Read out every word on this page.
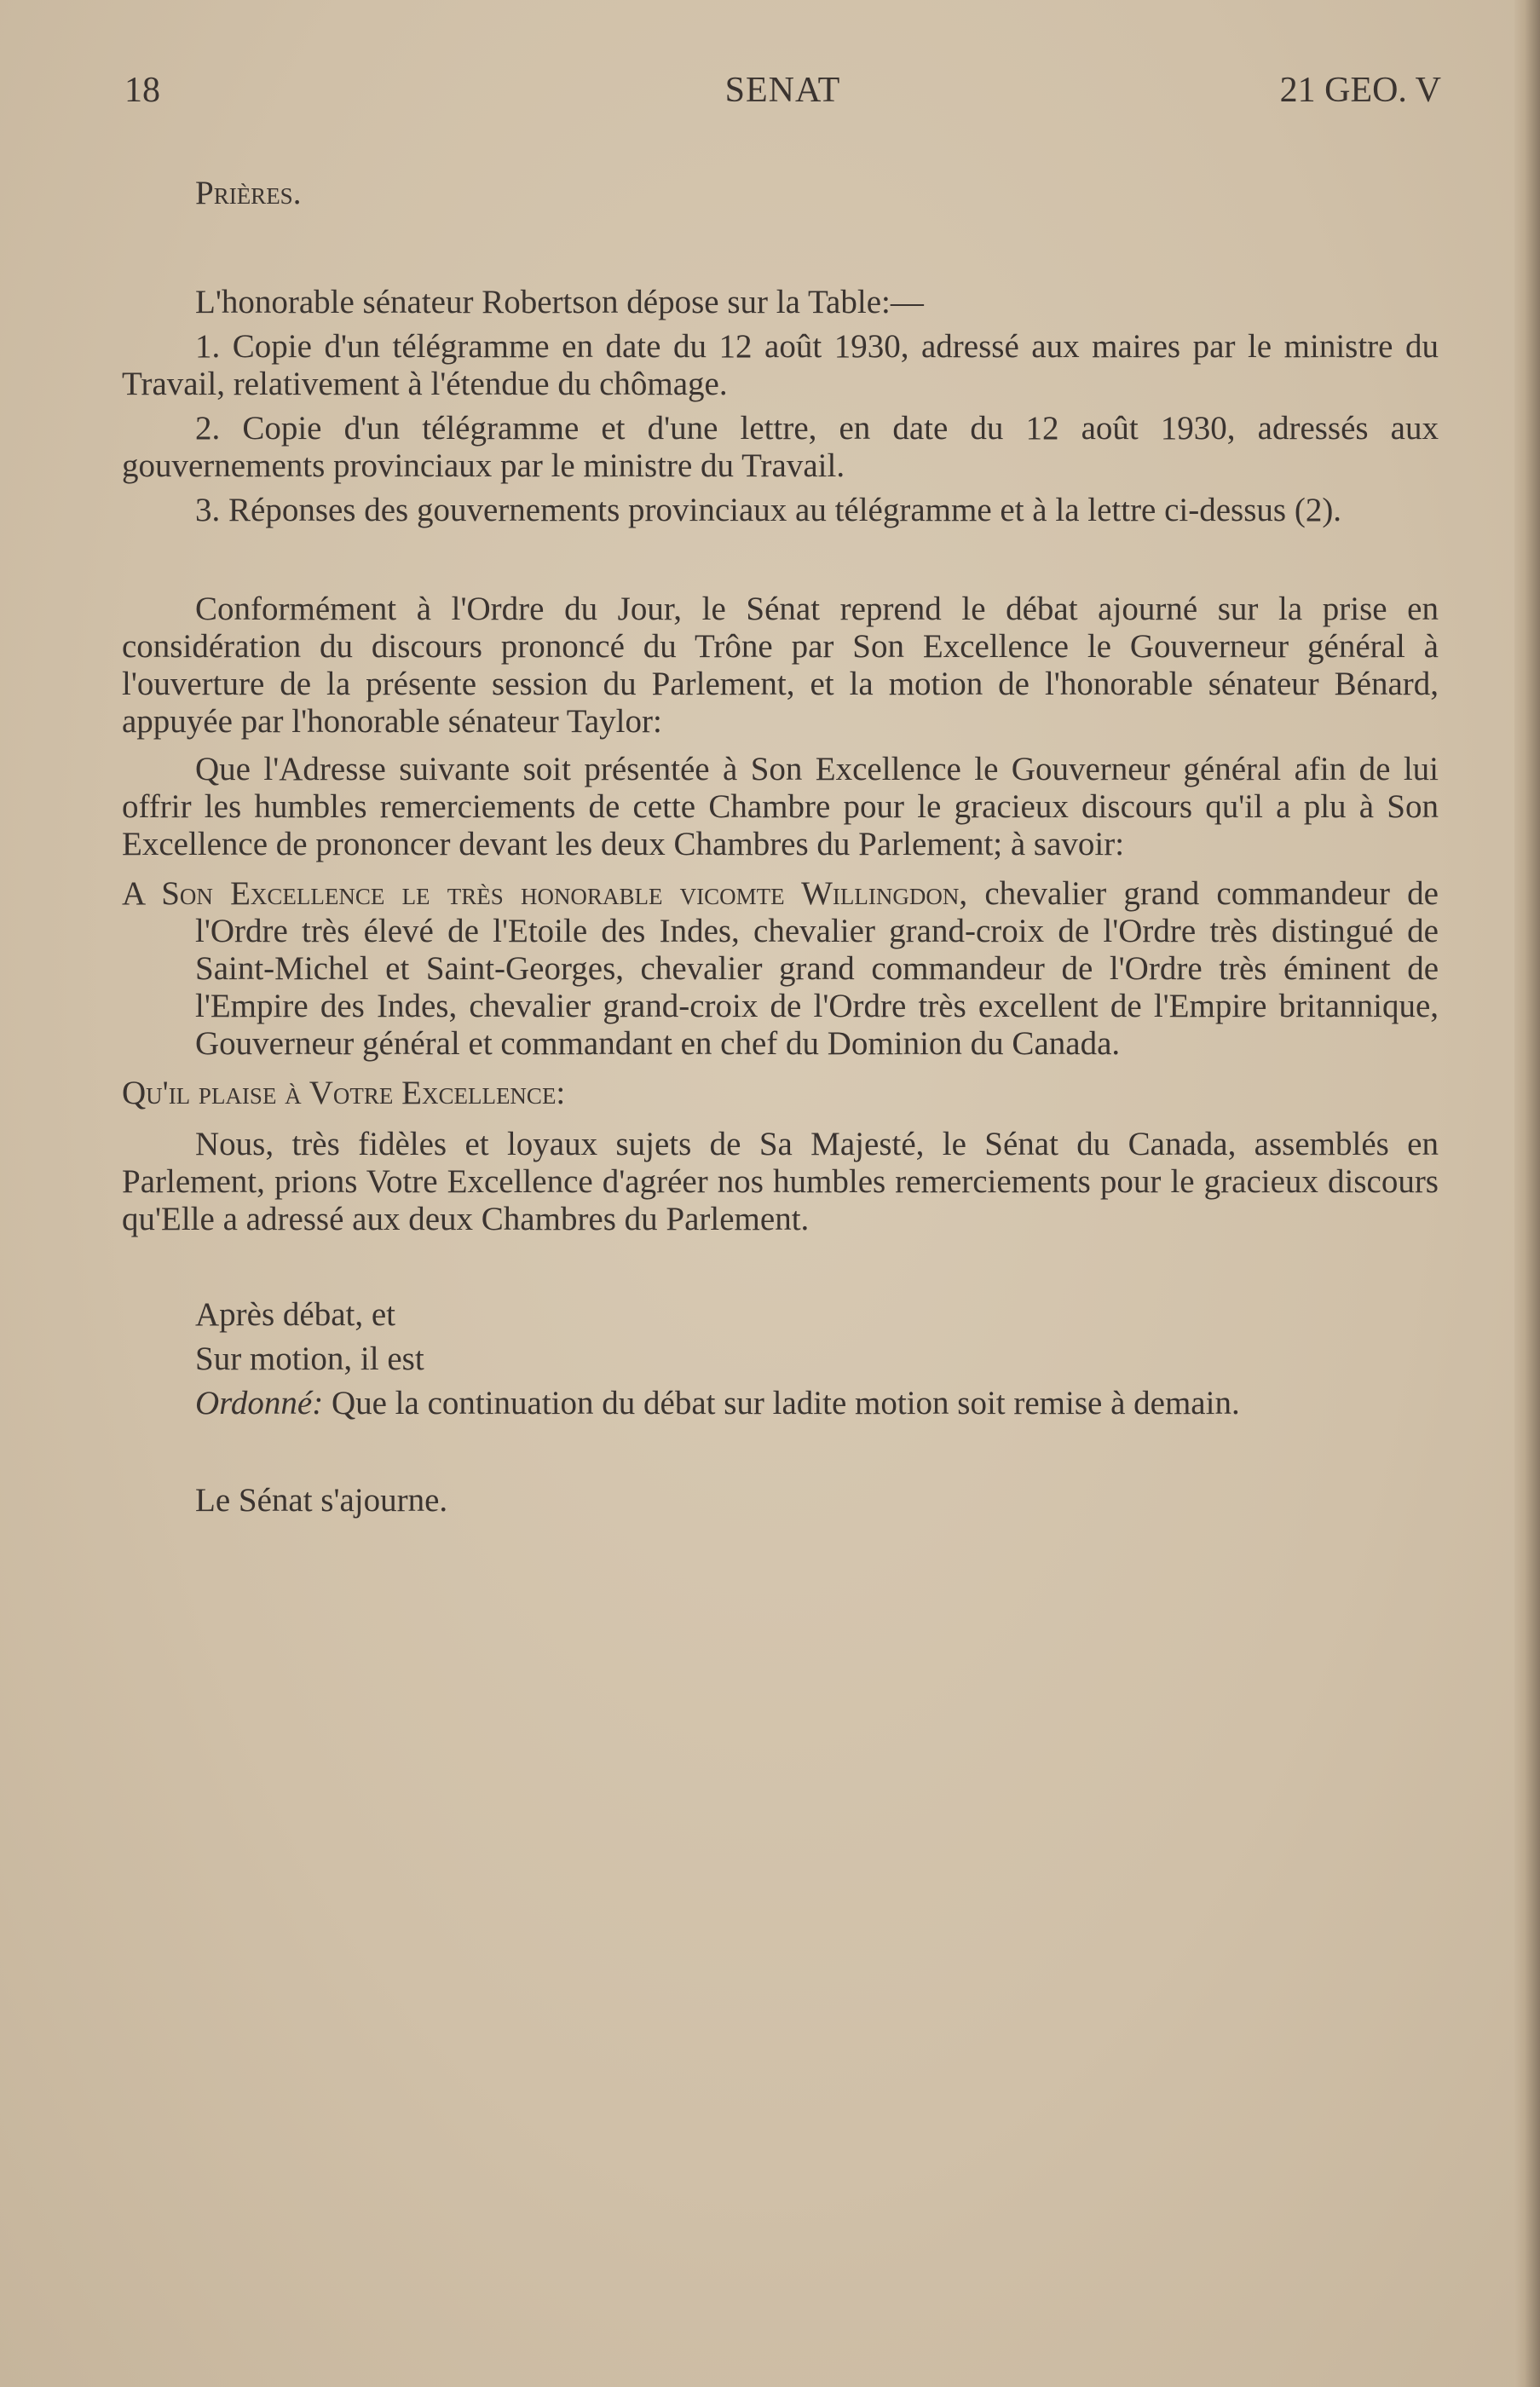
18	SENAT	21 GEO. V

Prières.

L'honorable sénateur Robertson dépose sur la Table:—

1. Copie d'un télégramme en date du 12 août 1930, adressé aux maires par le ministre du Travail, relativement à l'étendue du chômage.

2. Copie d'un télégramme et d'une lettre, en date du 12 août 1930, adressés aux gouvernements provinciaux par le ministre du Travail.

3. Réponses des gouvernements provinciaux au télégramme et à la lettre ci-dessus (2).

Conformément à l'Ordre du Jour, le Sénat reprend le débat ajourné sur la prise en considération du discours prononcé du Trône par Son Excellence le Gouverneur général à l'ouverture de la présente session du Parlement, et la motion de l'honorable sénateur Bénard, appuyée par l'honorable sénateur Taylor:

Que l'Adresse suivante soit présentée à Son Excellence le Gouverneur général afin de lui offrir les humbles remerciements de cette Chambre pour le gracieux discours qu'il a plu à Son Excellence de prononcer devant les deux Chambres du Parlement; à savoir:

A Son Excellence le très honorable vicomte Willingdon, chevalier grand commandeur de l'Ordre très élevé de l'Etoile des Indes, chevalier grand-croix de l'Ordre très distingué de Saint-Michel et Saint-Georges, chevalier grand commandeur de l'Ordre très éminent de l'Empire des Indes, chevalier grand-croix de l'Ordre très excellent de l'Empire britannique, Gouverneur général et commandant en chef du Dominion du Canada.

Qu'il plaise à Votre Excellence:

Nous, très fidèles et loyaux sujets de Sa Majesté, le Sénat du Canada, assemblés en Parlement, prions Votre Excellence d'agréer nos humbles remerciements pour le gracieux discours qu'Elle a adressé aux deux Chambres du Parlement.

Après débat, et

Sur motion, il est

Ordonné: Que la continuation du débat sur ladite motion soit remise à demain.

Le Sénat s'ajourne.
